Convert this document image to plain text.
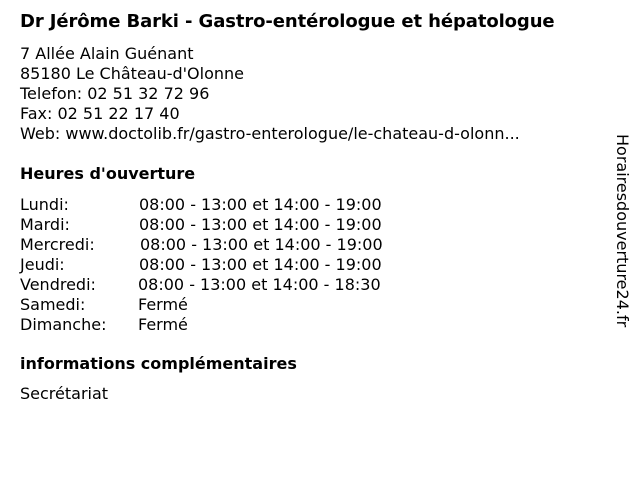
Dr Jérôme Barki - Gastro-entérologue et hépatologue
7 Allée Alain Guénant
85180 Le Château-d'Olonne
Telefon: 02 51 32 72 96
Fax: 02 51 22 17 40
Web: www.doctolib.fr/gastro-enterologue/le-chateau-d-olonn...
Heures d'ouverture
Lundi:	08:00 - 13:00 et 14:00 - 19:00
Mardi:	08:00 - 13:00 et 14:00 - 19:00
Mercredi:	08:00 - 13:00 et 14:00 - 19:00
Jeudi:	08:00 - 13:00 et 14:00 - 19:00
Vendredi:	08:00 - 13:00 et 14:00 - 18:30
Samedi:	Fermé
Dimanche: Fermé
informations complémentaires
Secrétariat
Horairesdouverture24.fr
